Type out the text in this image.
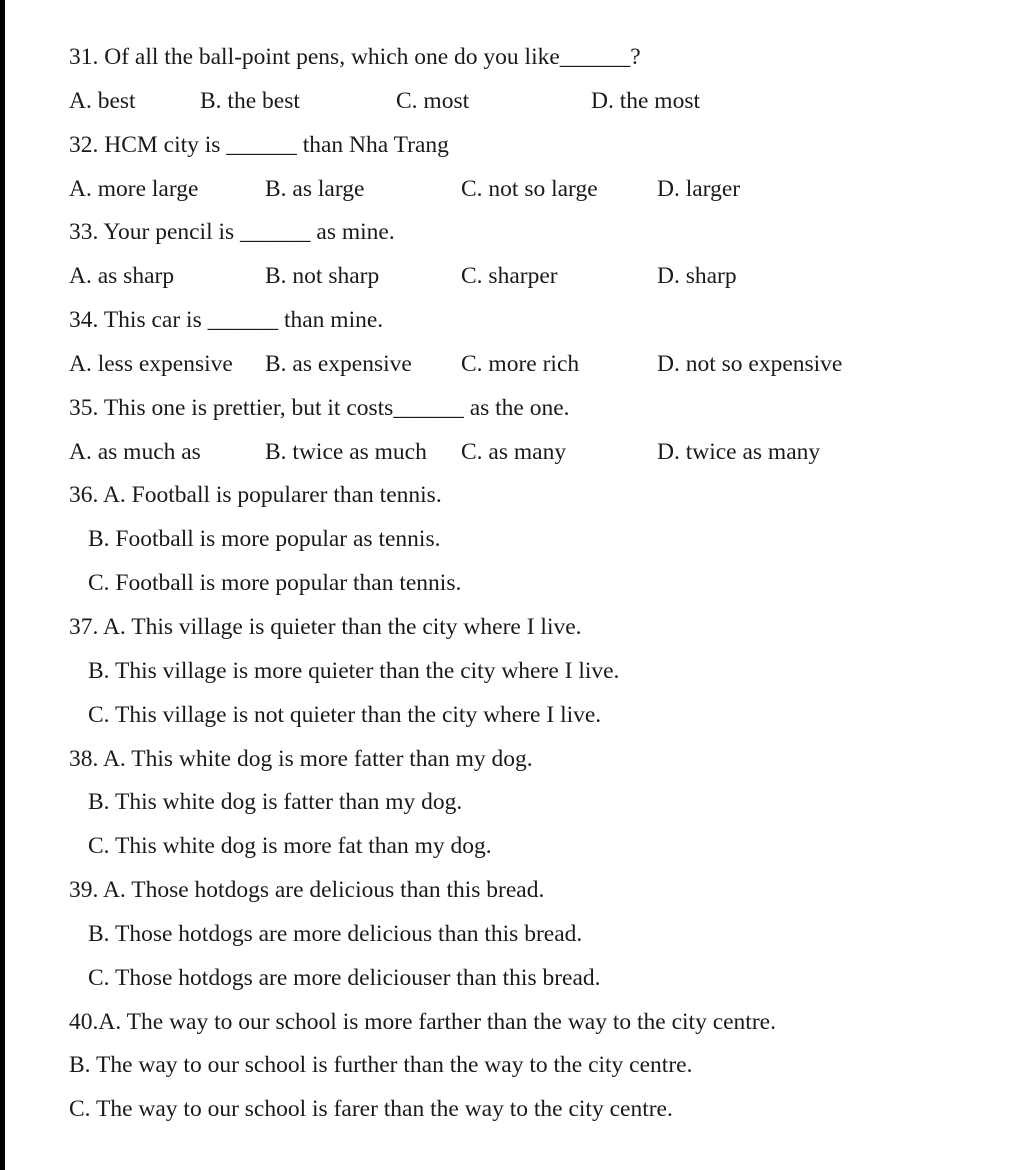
31. Of all the ball-point pens, which one do you like______?
A. best	B. the best	C. most	D. the most
32. HCM city is ______ than Nha Trang
A. more large	B. as large	C. not so large	D. larger
33. Your pencil is ______ as mine.
A. as sharp	B. not sharp	C. sharper	D. sharp
34. This car is ______ than mine.
A. less expensive B. as expensive C. more rich	D. not so expensive
35. This one is prettier, but it costs______ as the one.
A. as much as	B. twice as much C. as many	D. twice as many
36. A. Football is popularer than tennis.
B. Football is more popular as tennis.
C. Football is more popular than tennis.
37. A. This village is quieter than the city where I live.
B. This village is more quieter than the city where I live.
C. This village is not quieter than the city where I live.
38. A. This white dog is more fatter than my dog.
B. This white dog is fatter than my dog.
C. This white dog is more fat than my dog.
39. A. Those hotdogs are delicious than this bread.
B. Those hotdogs are more delicious than this bread.
C. Those hotdogs are more deliciouser than this bread.
40.A. The way to our school is more farther than the way to the city centre.
B. The way to our school is further than the way to the city centre.
C. The way to our school is farer than the way to the city centre.
